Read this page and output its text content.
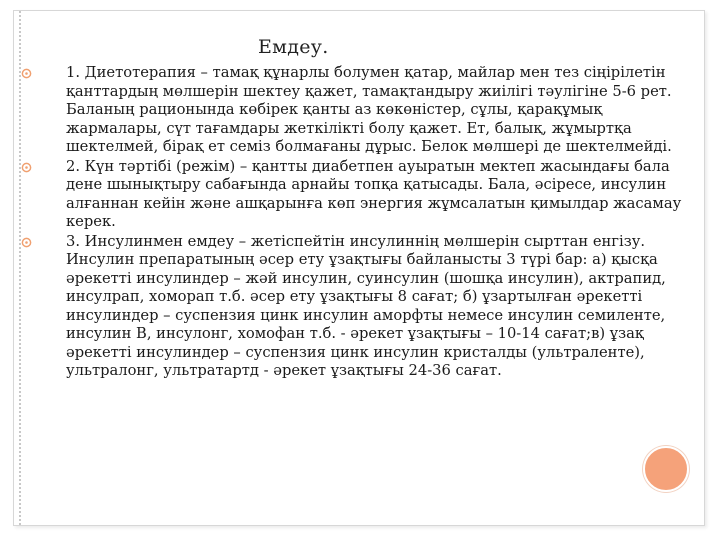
Емдеу.
1. Диетотерапия – тамақ құнарлы болумен қатар, майлар мен тез сіңірілетін қанттардың мөлшерін шектеу қажет, тамақтандыру жиілігі тәулігіне 5-6 рет. Баланың рационында көбірек қанты аз көкөністер, сұлы, қарақұмық жармалары, сүт тағамдары жеткілікті болу қажет. Ет, балық, жұмыртқа шектелмей, бірақ ет семіз болмағаны дұрыс. Белок мөлшері де шектелмейді.
2. Күн тәртібі (режім) – қантты диабетпен ауыратын мектеп жасындағы бала дене шынықтыру сабағында арнайы топқа қатысады. Бала, әсіресе, инсулин алғаннан кейін және ашқарынға көп энергия жұмсалатын қимылдар жасамау керек.
3. Инсулинмен емдеу – жетіспейтін инсулиннің мөлшерін сырттан енгізу. Инсулин препаратының әсер ету ұзақтығы байланысты 3 түрі бар: а) қысқа әрекетті инсулиндер – жәй инсулин, суинсулин (шошқа инсулин), актрапид, инсулрап, хоморап т.б. әсер ету ұзақтығы 8 сағат; б) ұзартылған әрекетті инсулиндер – суспензия цинк инсулин аморфты немесе инсулин семиленте, инсулин B, инсулонг, хомофан т.б. - әрекет ұзақтығы – 10-14 сағат;в) ұзақ әрекетті инсулиндер – суспензия цинк инсулин кристалды (ультраленте), ультралонг, ультратартд - әрекет ұзақтығы 24-36 сағат.
